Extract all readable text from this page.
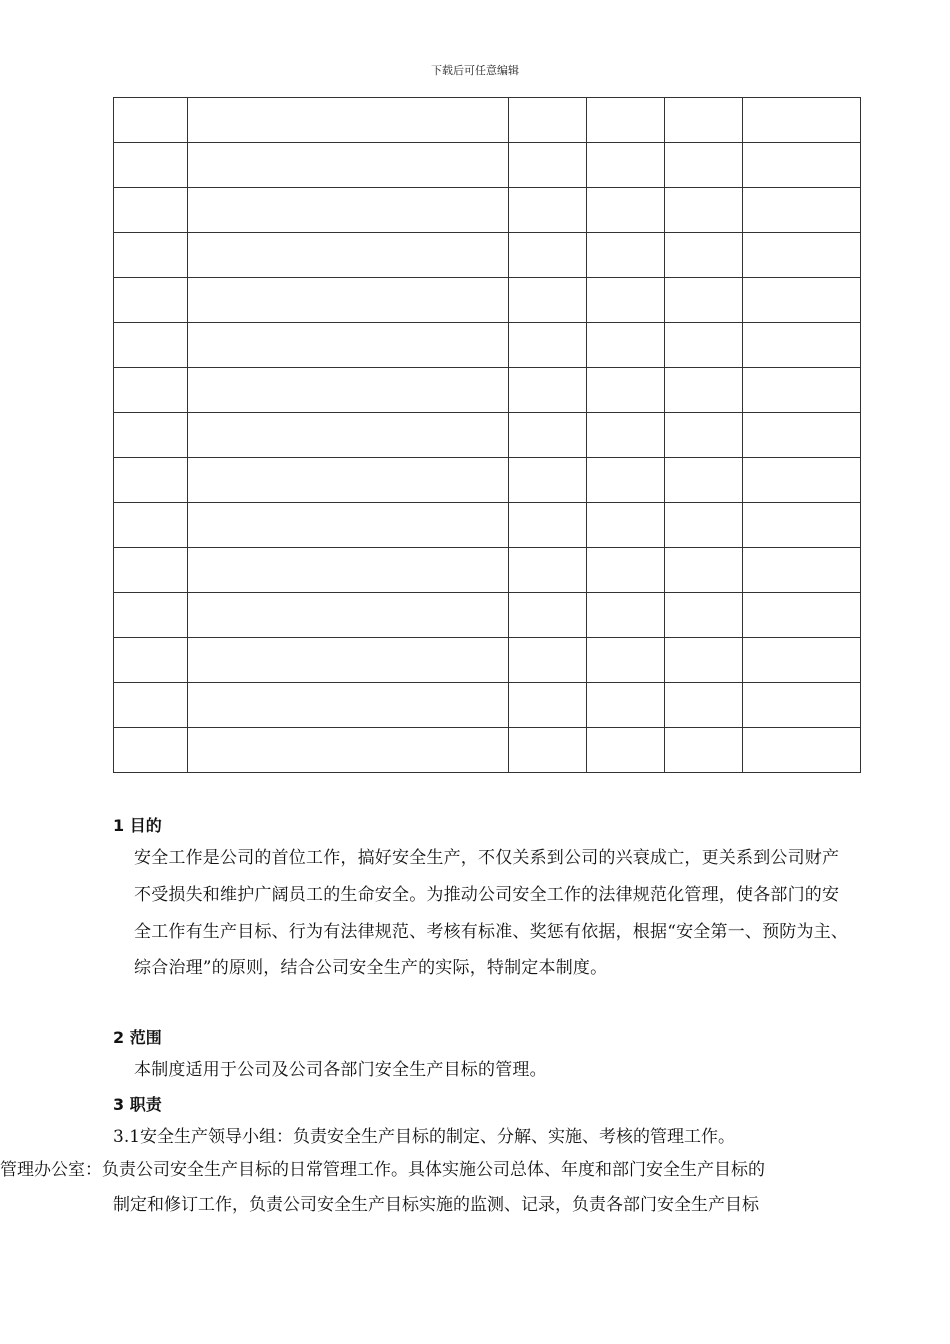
下载后可任意编辑

1 目的
安全工作是公司的首位工作，搞好安全生产，不仅关系到公司的兴衰成亡，更关系到公司财产不受损失和维护广阔员工的生命安全。为推动公司安全工作的法律规范化管理，使各部门的安全工作有生产目标、行为有法律规范、考核有标准、奖惩有依据，根据“安全第一、预防为主、综合治理”的原则，结合公司安全生产的实际，特制定本制度。
2 范围
本制度适用于公司及公司各部门安全生产目标的管理。
3 职责
3.1安全生产领导小组：负责安全生产目标的制定、分解、实施、考核的管理工作。
管理办公室：负责公司安全生产目标的日常管理工作。具体实施公司总体、年度和部门安全生产目标的
制定和修订工作，负责公司安全生产目标实施的监测、记录，负责各部门安全生产目标
